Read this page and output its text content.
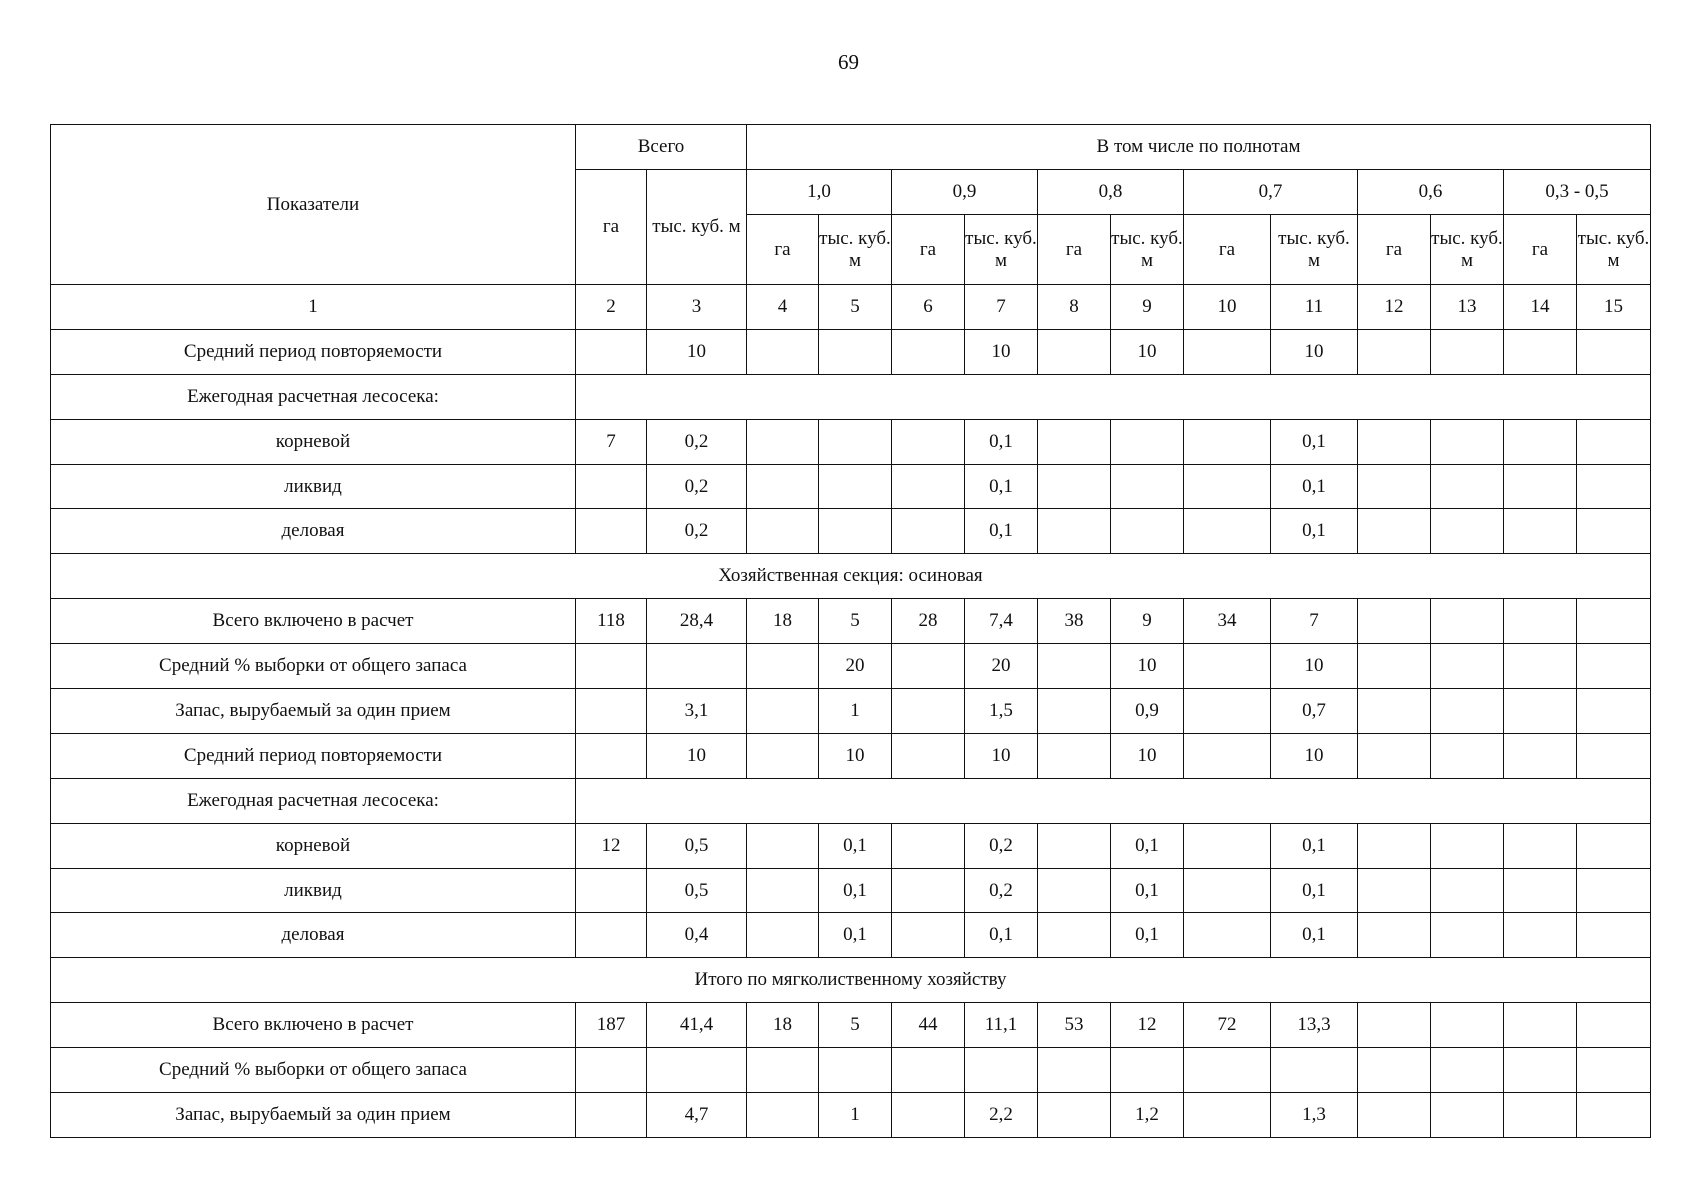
69
Показатели	Всего		В том числе по полнотам											
	га	тыс. куб. м	1,0		0,9		0,8		0,7		0,6		0,3 - 0,5	
			га	тыс. куб. м	га	тыс. куб. м	га	тыс. куб. м	га	тыс. куб. м	га	тыс. куб. м	га	тыс. куб. м
1	2	3	4	5	6	7	8	9	10	11	12	13	14	15
Средний период повторяемости		10				10		10		10				
Ежегодная расчетная лесосека:														
корневой	7	0,2				0,1				0,1				
ликвид		0,2				0,1				0,1				
деловая		0,2				0,1				0,1				
Хозяйственная секция: осиновая														
Всего включено в расчет	118	28,4	18	5	28	7,4	38	9	34	7				
Средний % выборки от общего запаса				20		20		10		10				
Запас, вырубаемый за один прием		3,1		1		1,5		0,9		0,7				
Средний период повторяемости		10		10		10		10		10				
Ежегодная расчетная лесосека:														
корневой	12	0,5		0,1		0,2		0,1		0,1				
ликвид		0,5		0,1		0,2		0,1		0,1				
деловая		0,4		0,1		0,1		0,1		0,1				
Итого по мягколиственному хозяйству														
Всего включено в расчет	187	41,4	18	5	44	11,1	53	12	72	13,3				
Средний % выборки от общего запаса														
Запас, вырубаемый за один прием		4,7		1		2,2		1,2		1,3				
